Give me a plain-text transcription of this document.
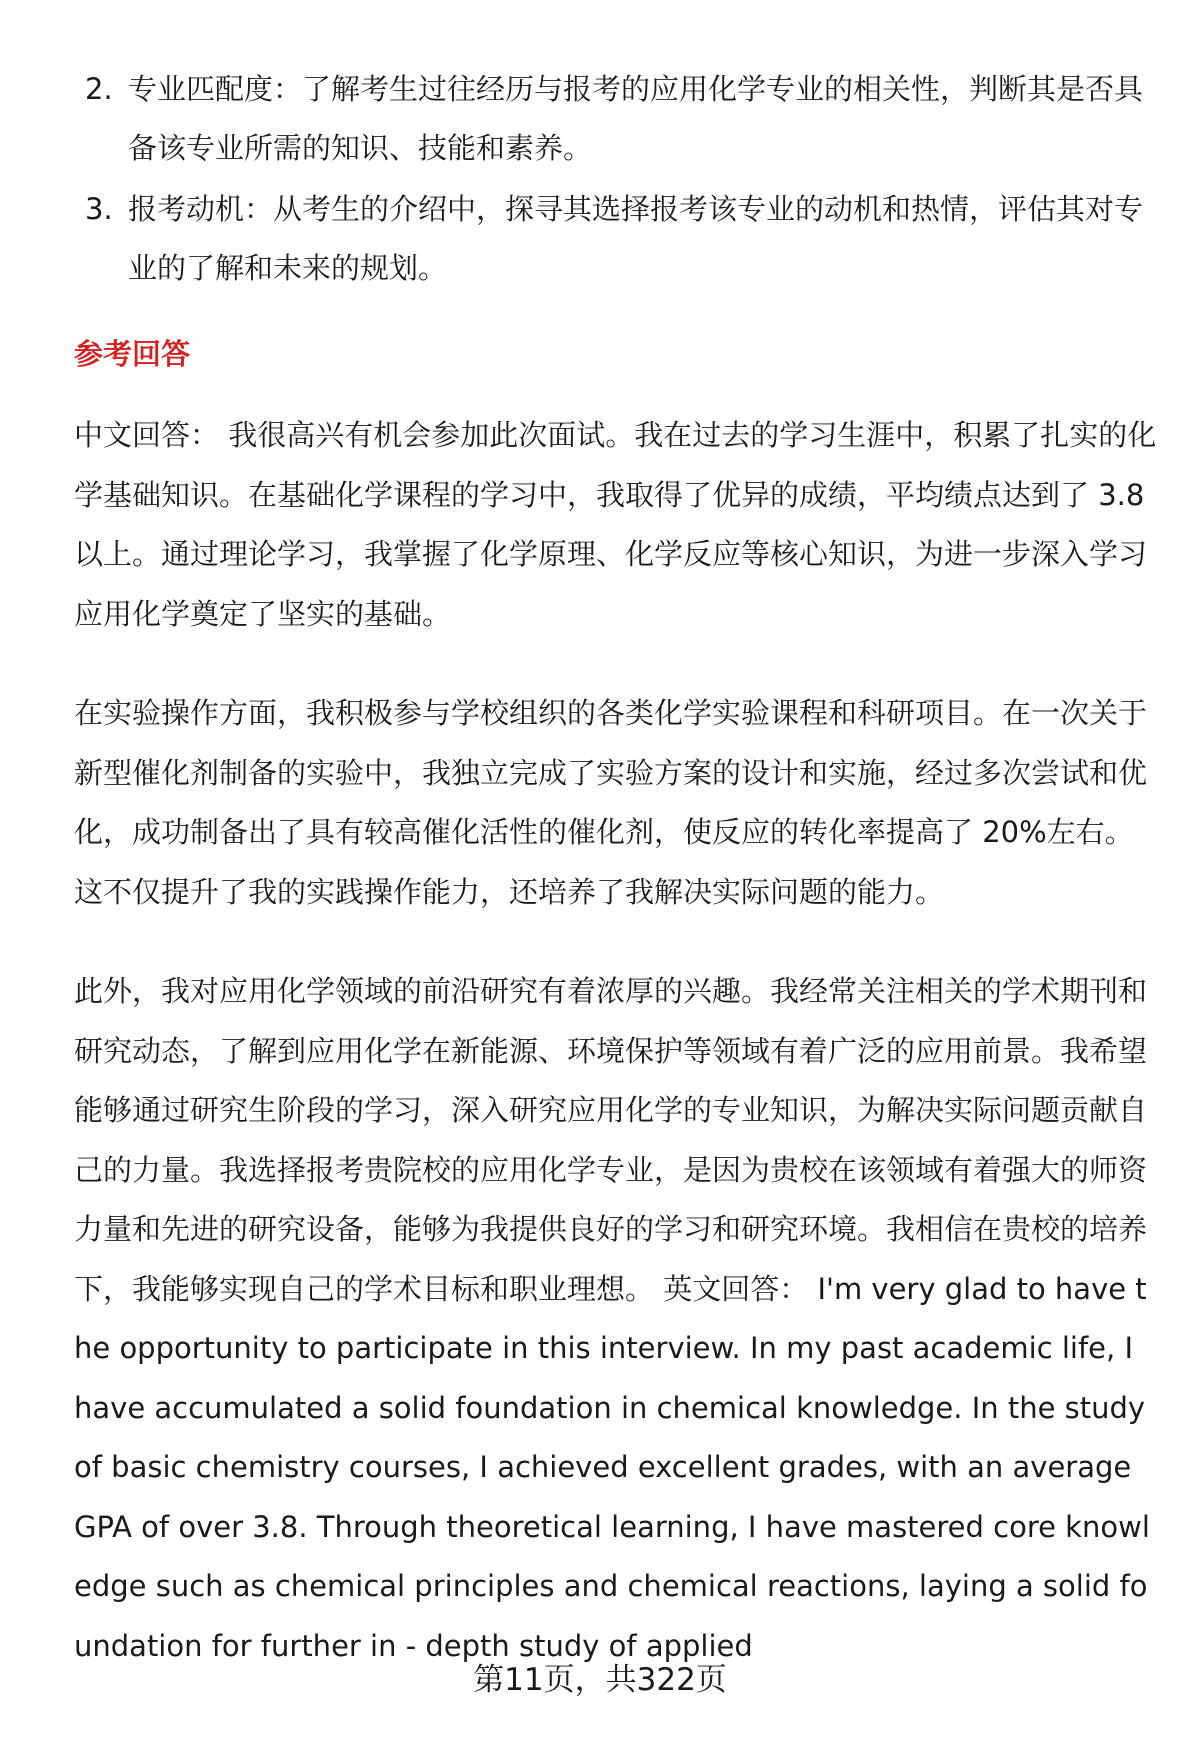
2. 专业匹配度：了解考生过往经历与报考的应用化学专业的相关性，判断其是否具备该专业所需的知识、技能和素养。
3. 报考动机：从考生的介绍中，探寻其选择报考该专业的动机和热情，评估其对专业的了解和未来的规划。
参考回答

中文回答： 我很高兴有机会参加此次面试。我在过去的学习生涯中，积累了扎实的化学基础知识。在基础化学课程的学习中，我取得了优异的成绩，平均绩点达到了 3.8 以上。通过理论学习，我掌握了化学原理、化学反应等核心知识，为进一步深入学习应用化学奠定了坚实的基础。

在实验操作方面，我积极参与学校组织的各类化学实验课程和科研项目。在一次关于新型催化剂制备的实验中，我独立完成了实验方案的设计和实施，经过多次尝试和优化，成功制备出了具有较高催化活性的催化剂，使反应的转化率提高了 20%左右。这不仅提升了我的实践操作能力，还培养了我解决实际问题的能力。

此外，我对应用化学领域的前沿研究有着浓厚的兴趣。我经常关注相关的学术期刊和研究动态，了解到应用化学在新能源、环境保护等领域有着广泛的应用前景。我希望能够通过研究生阶段的学习，深入研究应用化学的专业知识，为解决实际问题贡献自己的力量。我选择报考贵院校的应用化学专业，是因为贵校在该领域有着强大的师资力量和先进的研究设备，能够为我提供良好的学习和研究环境。我相信在贵校的培养下，我能够实现自己的学术目标和职业理想。 英文回答： I'm very glad to have the opportunity to participate in this interview. In my past academic life, I have accumulated a solid foundation in chemical knowledge. In the study of basic chemistry courses, I achieved excellent grades, with an average GPA of over 3.8. Through theoretical learning, I have mastered core knowledge such as chemical principles and chemical reactions, laying a solid foundation for further in - depth study of applied

第11页，共322页
